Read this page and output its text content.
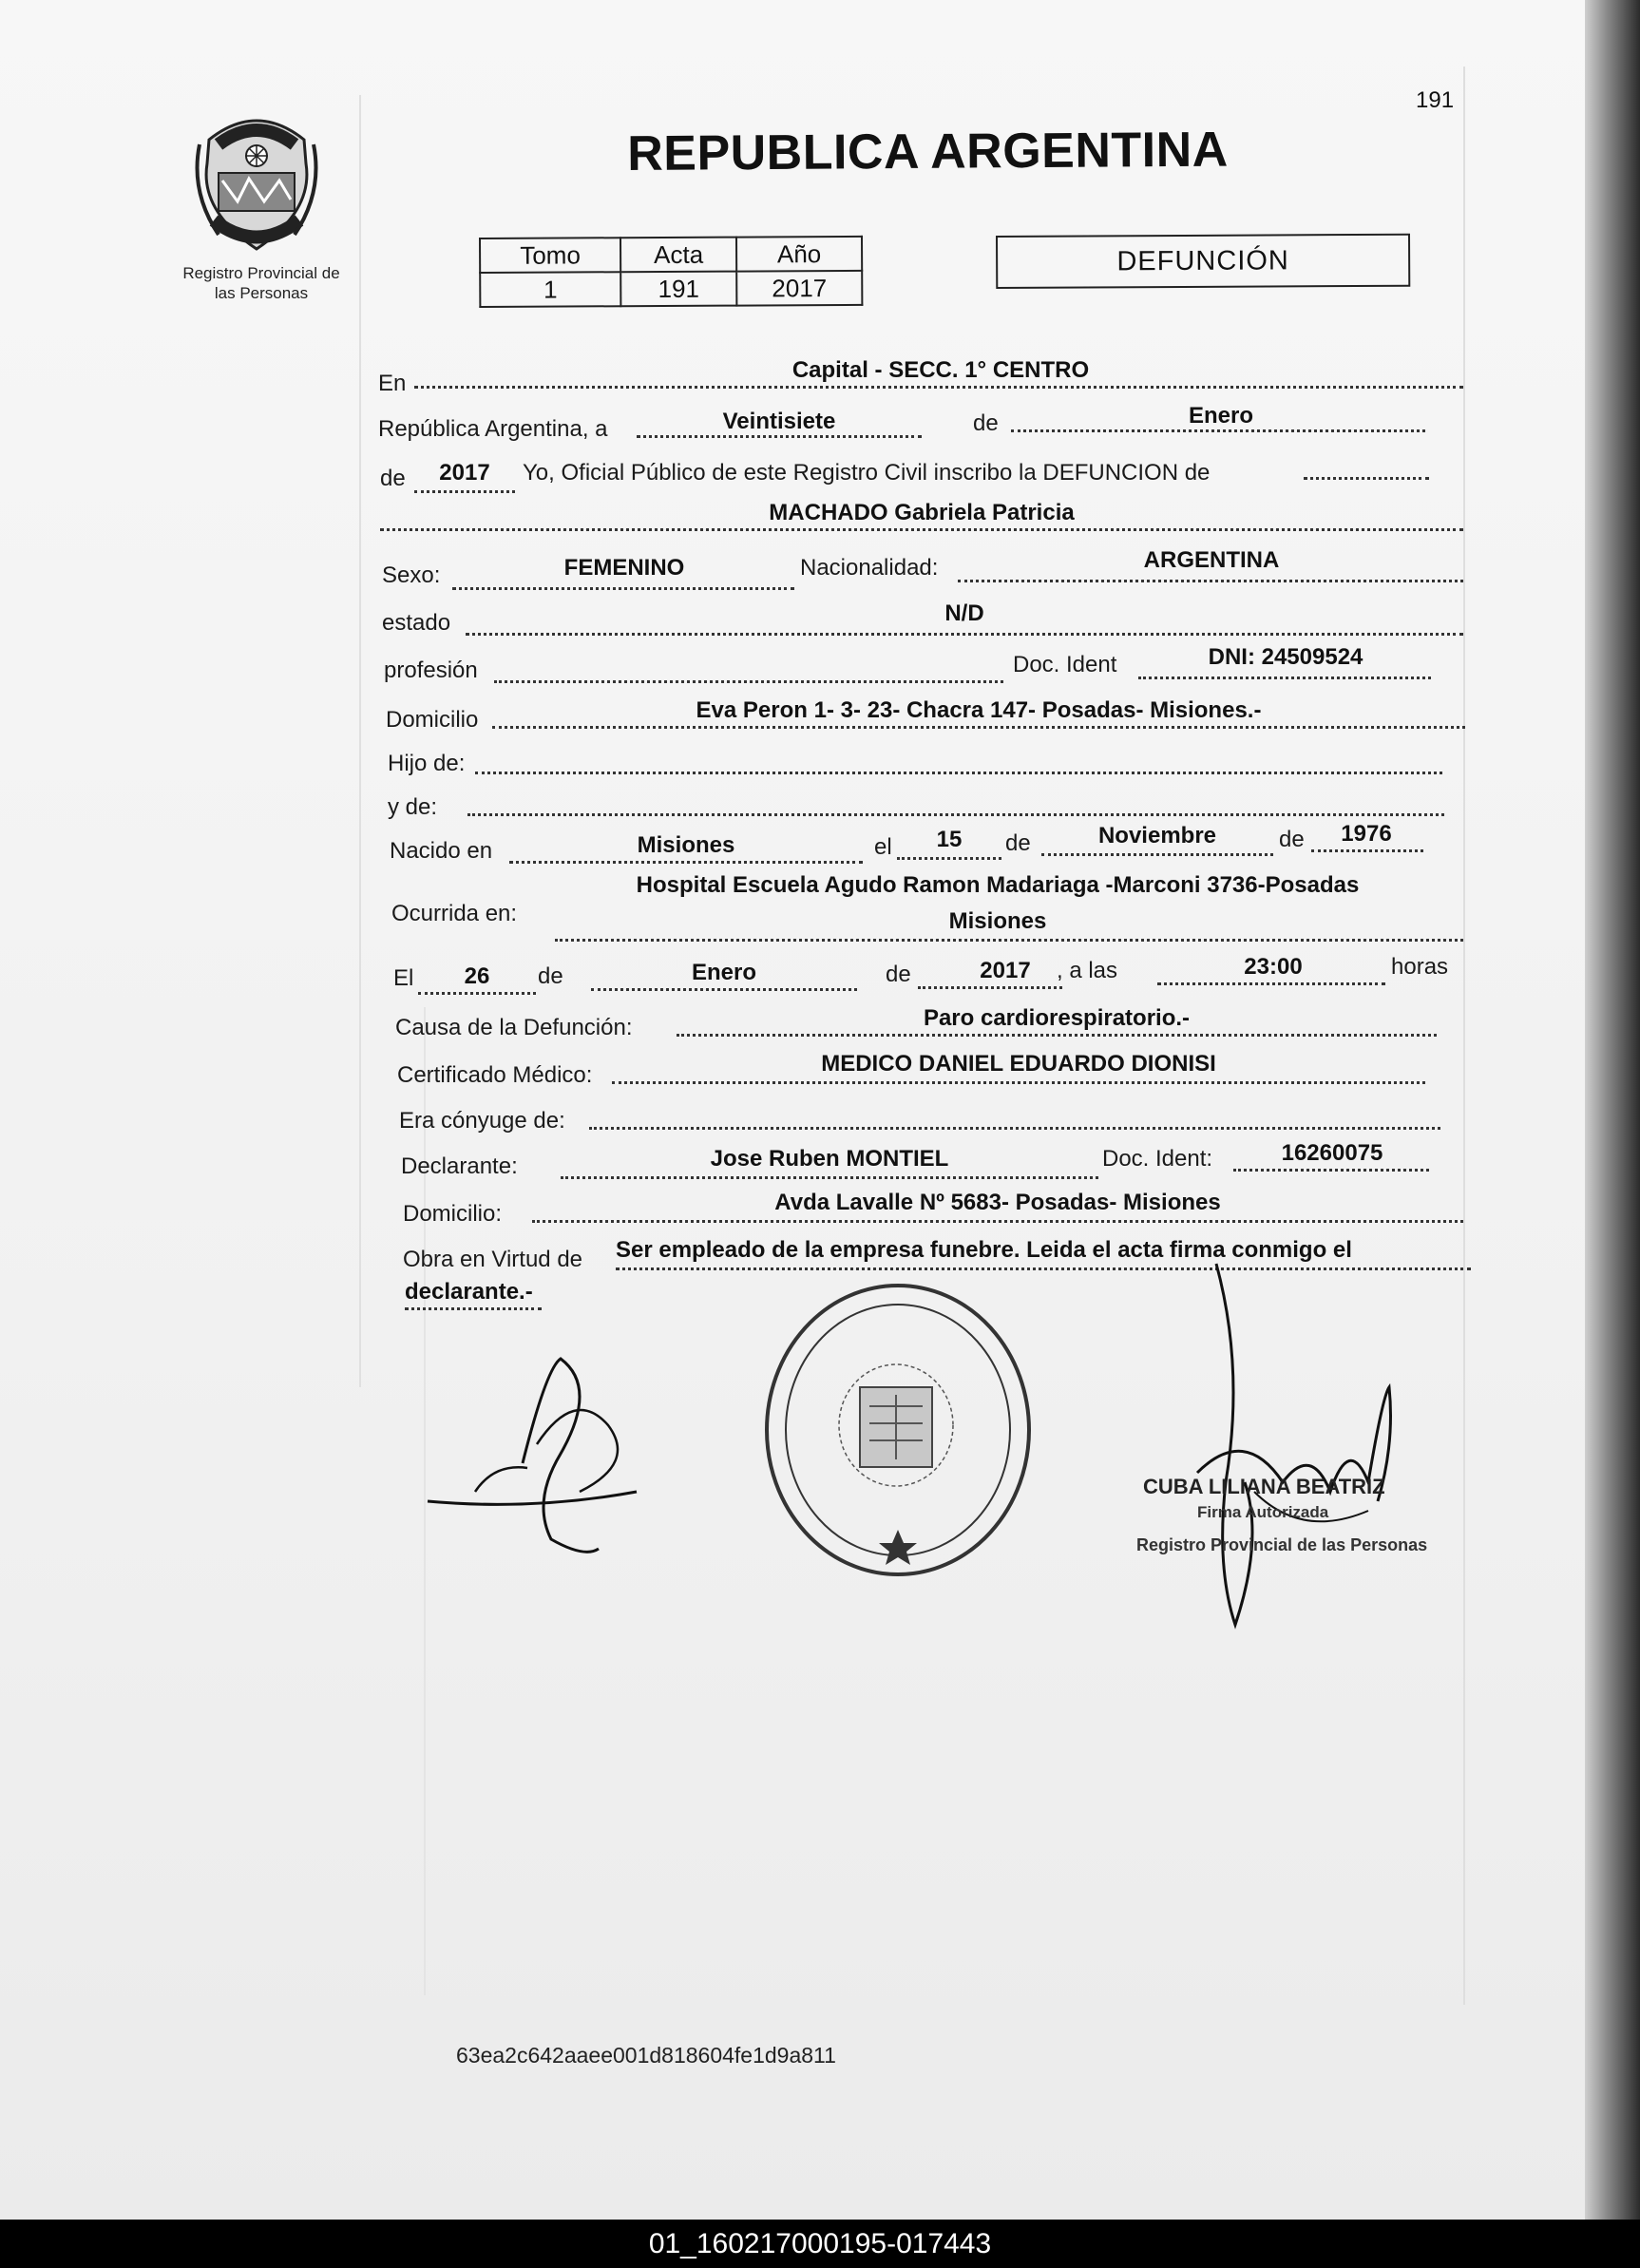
191
Registro Provincial de
las Personas
REPUBLICA ARGENTINA
Tomo	Acta	Año
1	191	2017
DEFUNCIÓN
En
Capital - SECC. 1° CENTRO
República Argentina, a	Veintisiete	de	Enero
de	2017	Yo, Oficial Público de este Registro Civil inscribo la DEFUNCION de
MACHADO Gabriela Patricia
Sexo:	FEMENINO	Nacionalidad:	ARGENTINA
estado	N/D
profesión	Doc. Ident	DNI: 24509524
Domicilio	Eva Peron 1- 3- 23- Chacra 147- Posadas- Misiones.-
Hijo de:
y de:
Nacido en	Misiones	el	15	de	Noviembre	de	1976
Ocurrida en:
Hospital Escuela Agudo Ramon Madariaga -Marconi 3736-Posadas
Misiones
El	26	de	Enero	de	2017	, a las	23:00	horas
Causa de la Defunción:	Paro cardiorespiratorio.-
Certificado Médico:	MEDICO DANIEL EDUARDO DIONISI
Era cónyuge de:
Declarante:	Jose Ruben MONTIEL	Doc. Ident:	16260075
Domicilio:	Avda Lavalle Nº 5683- Posadas- Misiones
Obra en Virtud de Ser empleado de la empresa funebre. Leida el acta firma conmigo el
declarante.-
CUBA LILIANA BEATRIZ
Firma Autorizada
Registro Provincial de las Personas
63ea2c642aaee001d818604fe1d9a811
01_160217000195-017443
